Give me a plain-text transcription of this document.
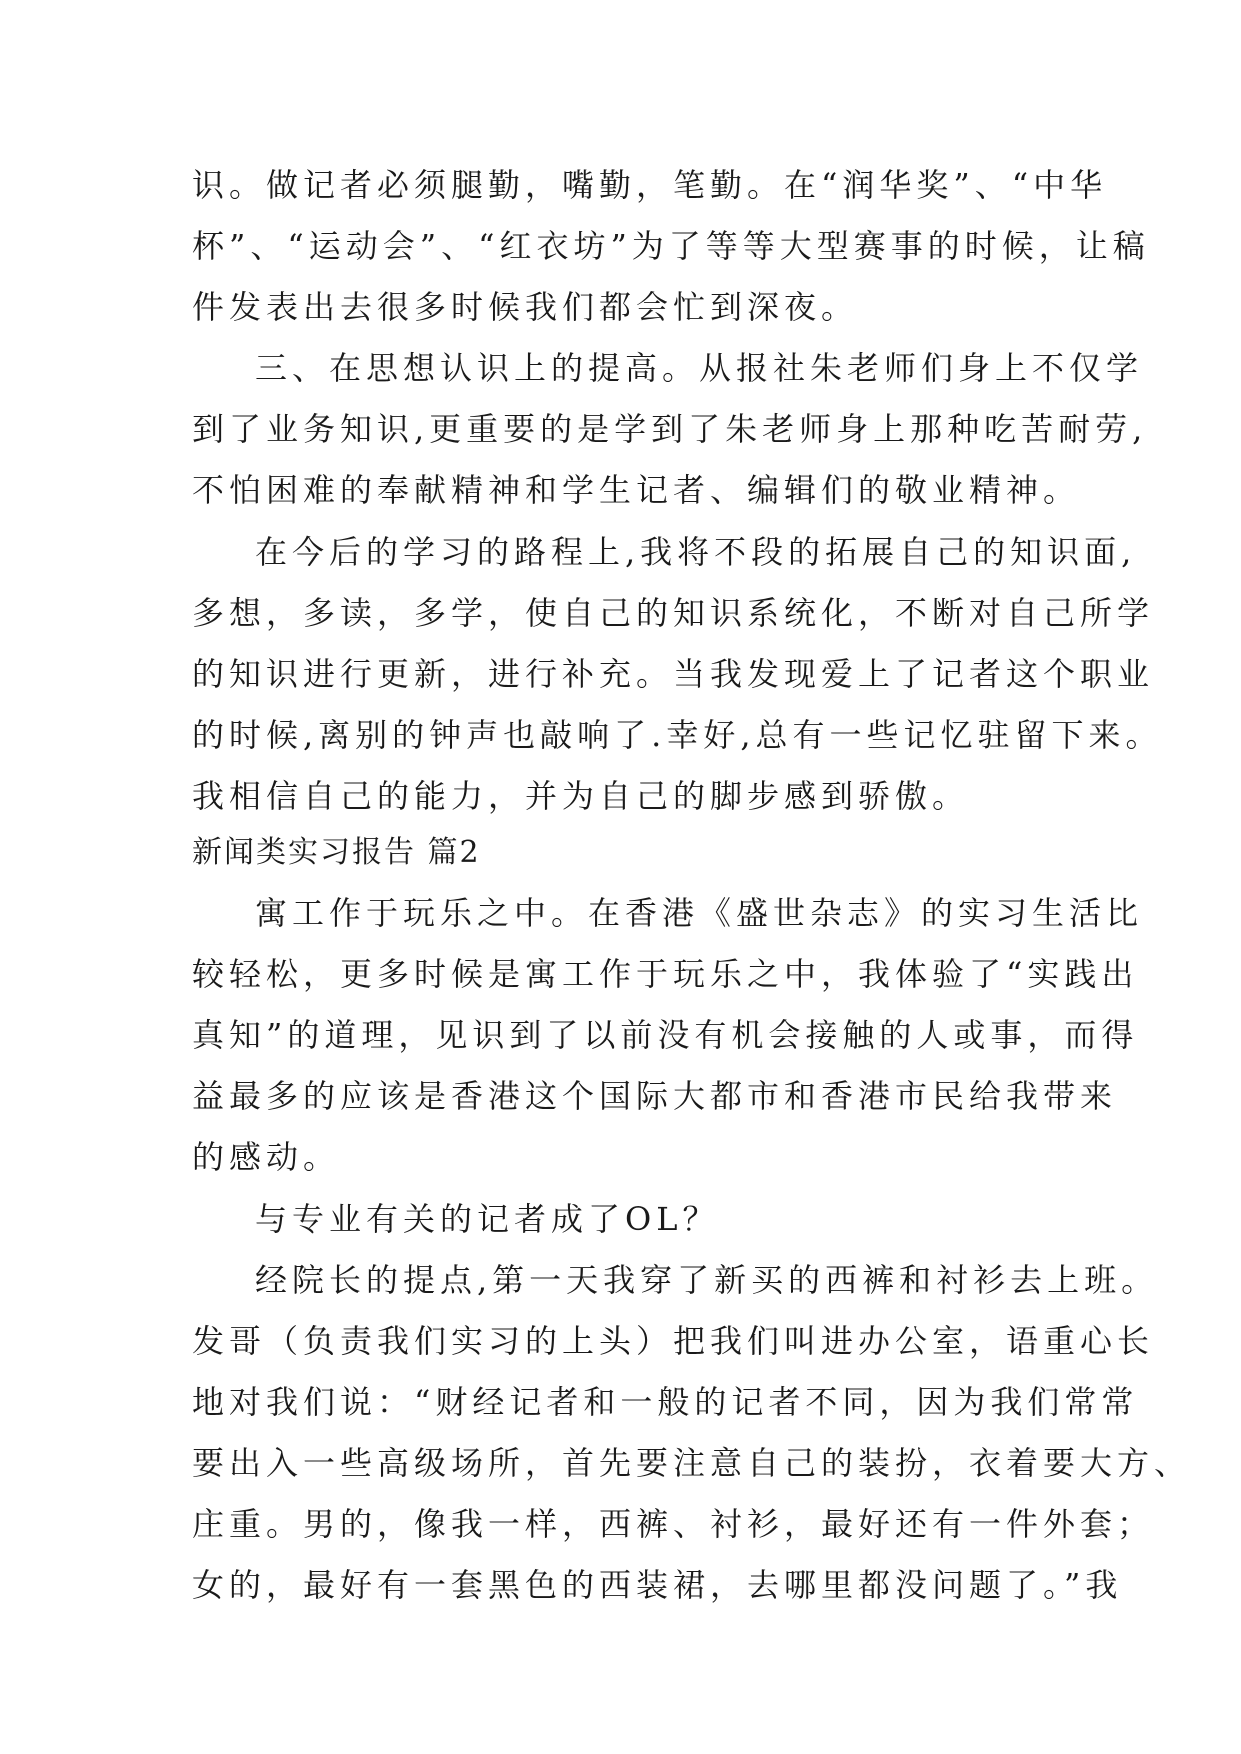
识。做记者必须腿勤，嘴勤，笔勤。在“润华奖”、“中华
杯”、“运动会”、“红衣坊”为了等等大型赛事的时候，让稿
件发表出去很多时候我们都会忙到深夜。
三、在思想认识上的提高。从报社朱老师们身上不仅学
到了业务知识,更重要的是学到了朱老师身上那种吃苦耐劳,
不怕困难的奉献精神和学生记者、编辑们的敬业精神。
在今后的学习的路程上,我将不段的拓展自己的知识面,
多想，多读，多学，使自己的知识系统化，不断对自己所学
的知识进行更新，进行补充。当我发现爱上了记者这个职业
的时候,离别的钟声也敲响了.幸好,总有一些记忆驻留下来。
我相信自己的能力，并为自己的脚步感到骄傲。
新闻类实习报告 篇2
寓工作于玩乐之中。在香港《盛世杂志》的实习生活比
较轻松，更多时候是寓工作于玩乐之中，我体验了“实践出
真知”的道理，见识到了以前没有机会接触的人或事，而得
益最多的应该是香港这个国际大都市和香港市民给我带来
的感动。
与专业有关的记者成了OL？
经院长的提点,第一天我穿了新买的西裤和衬衫去上班。
发哥（负责我们实习的上头）把我们叫进办公室，语重心长
地对我们说：“财经记者和一般的记者不同，因为我们常常
要出入一些高级场所，首先要注意自己的装扮，衣着要大方、
庄重。男的，像我一样，西裤、衬衫，最好还有一件外套；
女的，最好有一套黑色的西装裙，去哪里都没问题了。”我
